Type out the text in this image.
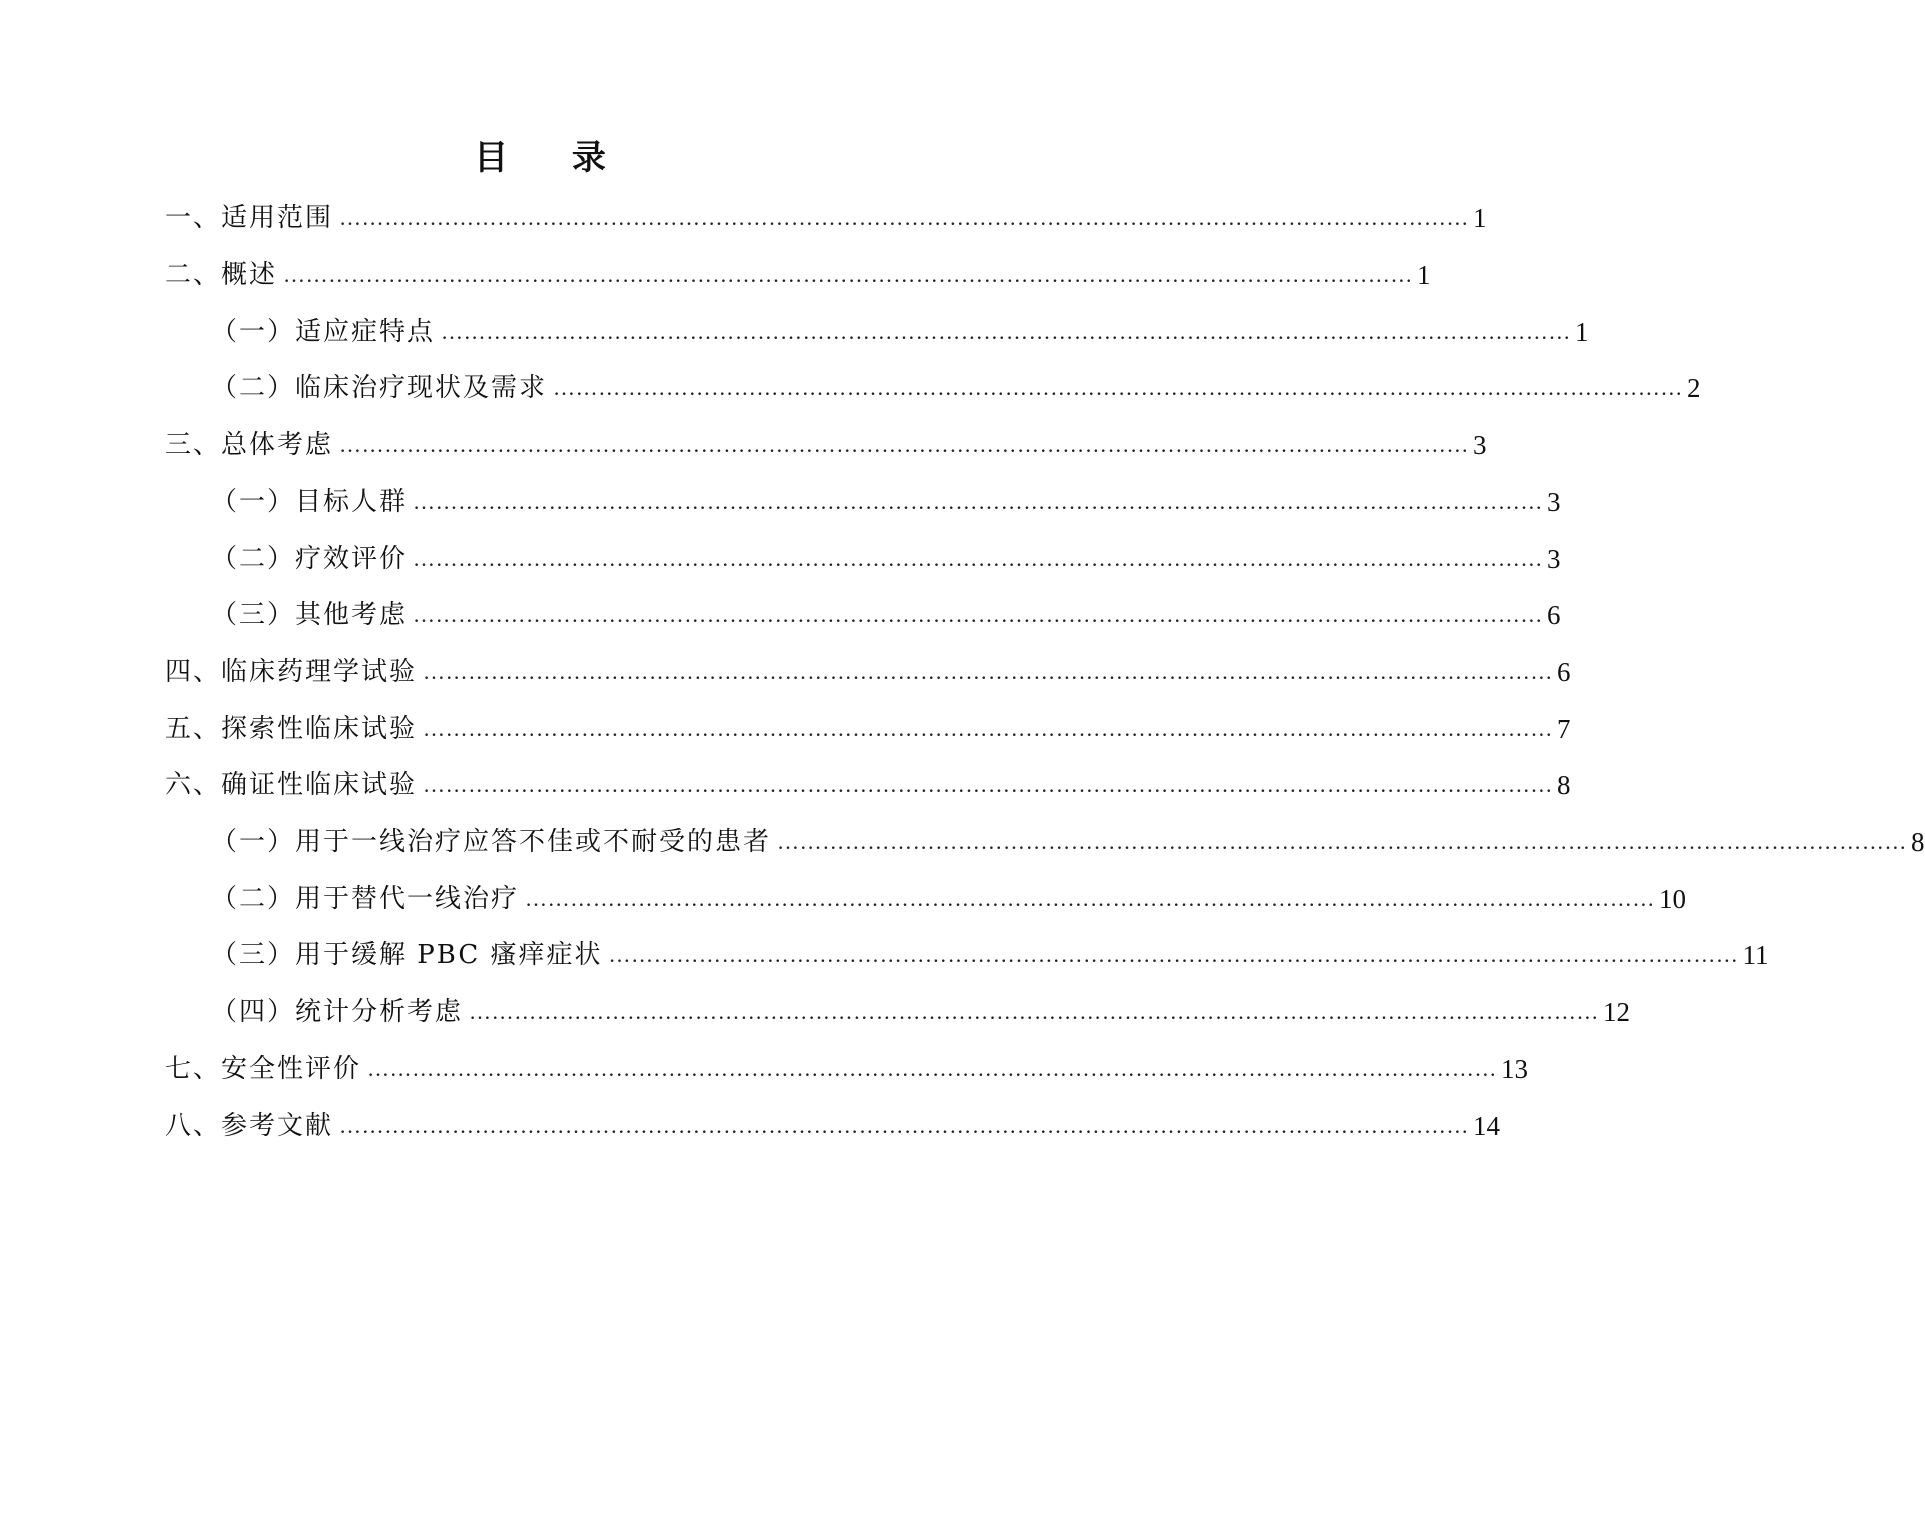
目 录
一、适用范围 …………………………………………………………………………………………………………………………………… 1
二、概述 …………………………………………………………………………………………………………………………………… 1
（一）适应症特点 …………………………………………………………………………………………………………………………………… 1
（二）临床治疗现状及需求 …………………………………………………………………………………………………………………………………… 2
三、总体考虑 …………………………………………………………………………………………………………………………………… 3
（一）目标人群 …………………………………………………………………………………………………………………………………… 3
（二）疗效评价 …………………………………………………………………………………………………………………………………… 3
（三）其他考虑 …………………………………………………………………………………………………………………………………… 6
四、临床药理学试验 …………………………………………………………………………………………………………………………………… 6
五、探索性临床试验 …………………………………………………………………………………………………………………………………… 7
六、确证性临床试验 …………………………………………………………………………………………………………………………………… 8
（一）用于一线治疗应答不佳或不耐受的患者 …………………………………………………………………………………………………………………………………… 8
（二）用于替代一线治疗 …………………………………………………………………………………………………………………………………… 10
（三）用于缓解 PBC 瘙痒症状 …………………………………………………………………………………………………………………………………… 11
（四）统计分析考虑 …………………………………………………………………………………………………………………………………… 12
七、安全性评价 …………………………………………………………………………………………………………………………………… 13
八、参考文献 …………………………………………………………………………………………………………………………………… 14
